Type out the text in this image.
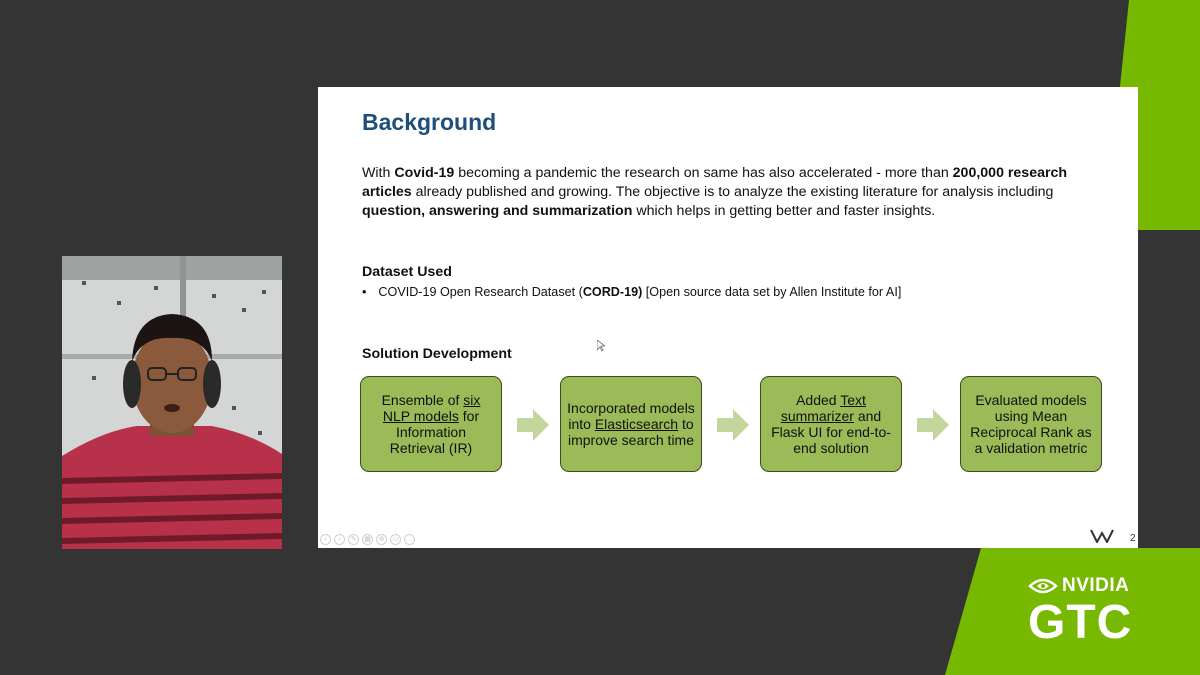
NVIDIA
GTC
Background

With Covid-19 becoming a pandemic the research on same has also accelerated - more than 200,000 research articles already published and growing. The objective is to analyze the existing literature for analysis including question, answering and summarization which helps in getting better and faster insights.

Dataset Used
• COVID-19 Open Research Dataset (CORD-19) [Open source data set by Allen Institute for AI]
Solution Development
Ensemble of six NLP models for Information Retrieval (IR)
Incorporated models into Elasticsearch to improve search time
Added Text summarizer and Flask UI for end-to-end solution
Evaluated models using Mean Reciprocal Rank as a validation metric
‹	›	✎	▦	⊕	▭	…	2
